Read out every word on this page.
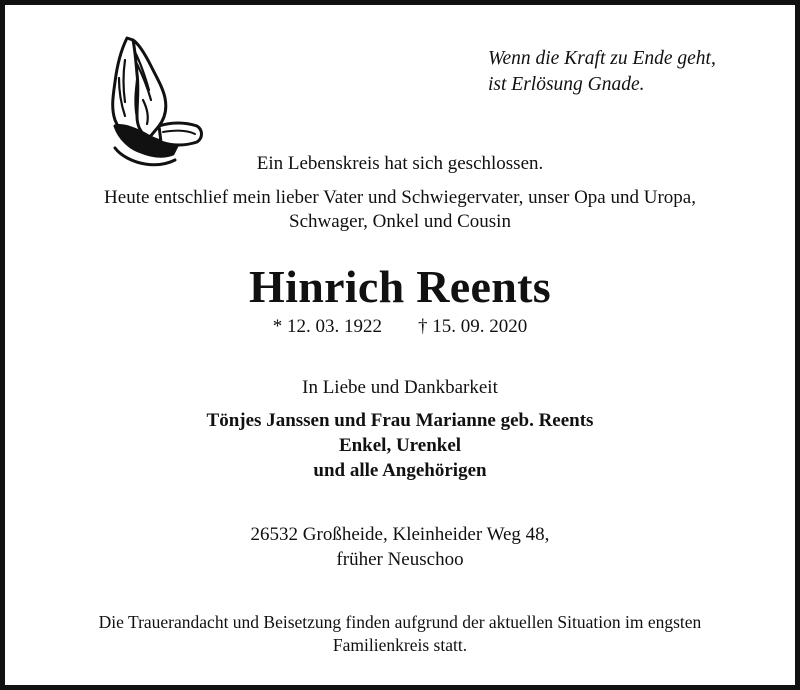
Wenn die Kraft zu Ende geht,
ist Erlösung Gnade.
Ein Lebenskreis hat sich geschlossen.
Heute entschlief mein lieber Vater und Schwiegervater, unser Opa und Uropa,
Schwager, Onkel und Cousin
Hinrich Reents
* 12. 03. 1922 † 15. 09. 2020
In Liebe und Dankbarkeit
Tönjes Janssen und Frau Marianne geb. Reents
Enkel, Urenkel
und alle Angehörigen
26532 Großheide, Kleinheider Weg 48,
früher Neuschoo
Die Trauerandacht und Beisetzung finden aufgrund der aktuellen Situation im engsten
Familienkreis statt.
